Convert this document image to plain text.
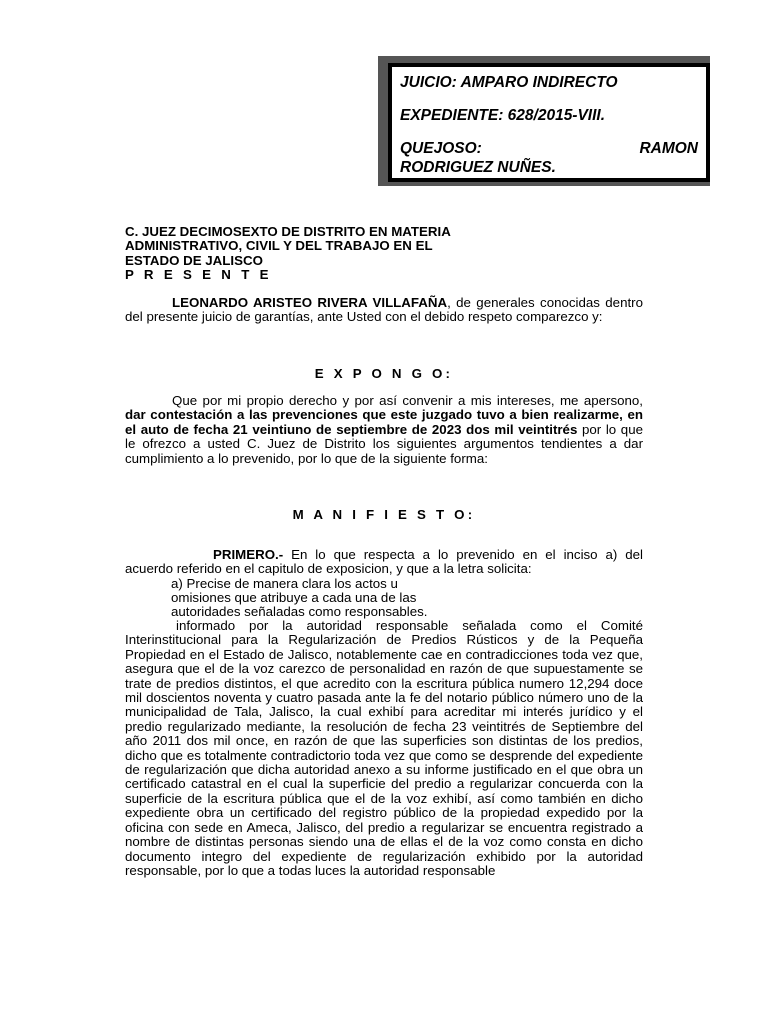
JUICIO: AMPARO INDIRECTO
EXPEDIENTE: 628/2015-VIII.
QUEJOSO:	RAMON
RODRIGUEZ NUÑES.
C. JUEZ DECIMOSEXTO DE DISTRITO EN MATERIA
ADMINISTRATIVO, CIVIL Y DEL TRABAJO EN EL
ESTADO DE JALISCO
P R E S E N T E

LEONARDO ARISTEO RIVERA VILLAFAÑA, de generales conocidas dentro del presente juicio de garantías, ante Usted con el debido respeto comparezco y:

E X P O N G O:

Que por mi propio derecho y por así convenir a mis intereses, me apersono, dar contestación a las prevenciones que este juzgado tuvo a bien realizarme, en el auto de fecha 21 veintiuno de septiembre de 2023 dos mil veintitrés por lo que le ofrezco a usted C. Juez de Distrito los siguientes argumentos tendientes a dar cumplimiento a lo prevenido, por lo que de la siguiente forma:

M A N I F I E S T O:

PRIMERO.- En lo que respecta a lo prevenido en el inciso a) del acuerdo referido en el capitulo de exposicion, y que a la letra solicita:

a) Precise de manera clara los actos u
omisiones que atribuye a cada una de las
autoridades señaladas como responsables.

informado por la autoridad responsable señalada como el Comité Interinstitucional para la Regularización de Predios Rústicos y de la Pequeña Propiedad en el Estado de Jalisco, notablemente cae en contradicciones toda vez que, asegura que el de la voz carezco de personalidad en razón de que supuestamente se trate de predios distintos, el que acredito con la escritura pública numero 12,294 doce mil doscientos noventa y cuatro pasada ante la fe del notario público número uno de la municipalidad de Tala, Jalisco, la cual exhibí para acreditar mi interés jurídico y el predio regularizado mediante, la resolución de fecha 23 veintitrés de Septiembre del año 2011 dos mil once, en razón de que las superficies son distintas de los predios, dicho que es totalmente contradictorio toda vez que como se desprende del expediente de regularización que dicha autoridad anexo a su informe justificado en el que obra un certificado catastral en el cual la superficie del predio a regularizar concuerda con la superficie de la escritura pública que el de la voz exhibí, así como también en dicho expediente obra un certificado del registro público de la propiedad expedido por la oficina con sede en Ameca, Jalisco, del predio a regularizar se encuentra registrado a nombre de distintas personas siendo una de ellas el de la voz como consta en dicho documento integro del expediente de regularización exhibido por la autoridad responsable, por lo que a todas luces la autoridad responsable
